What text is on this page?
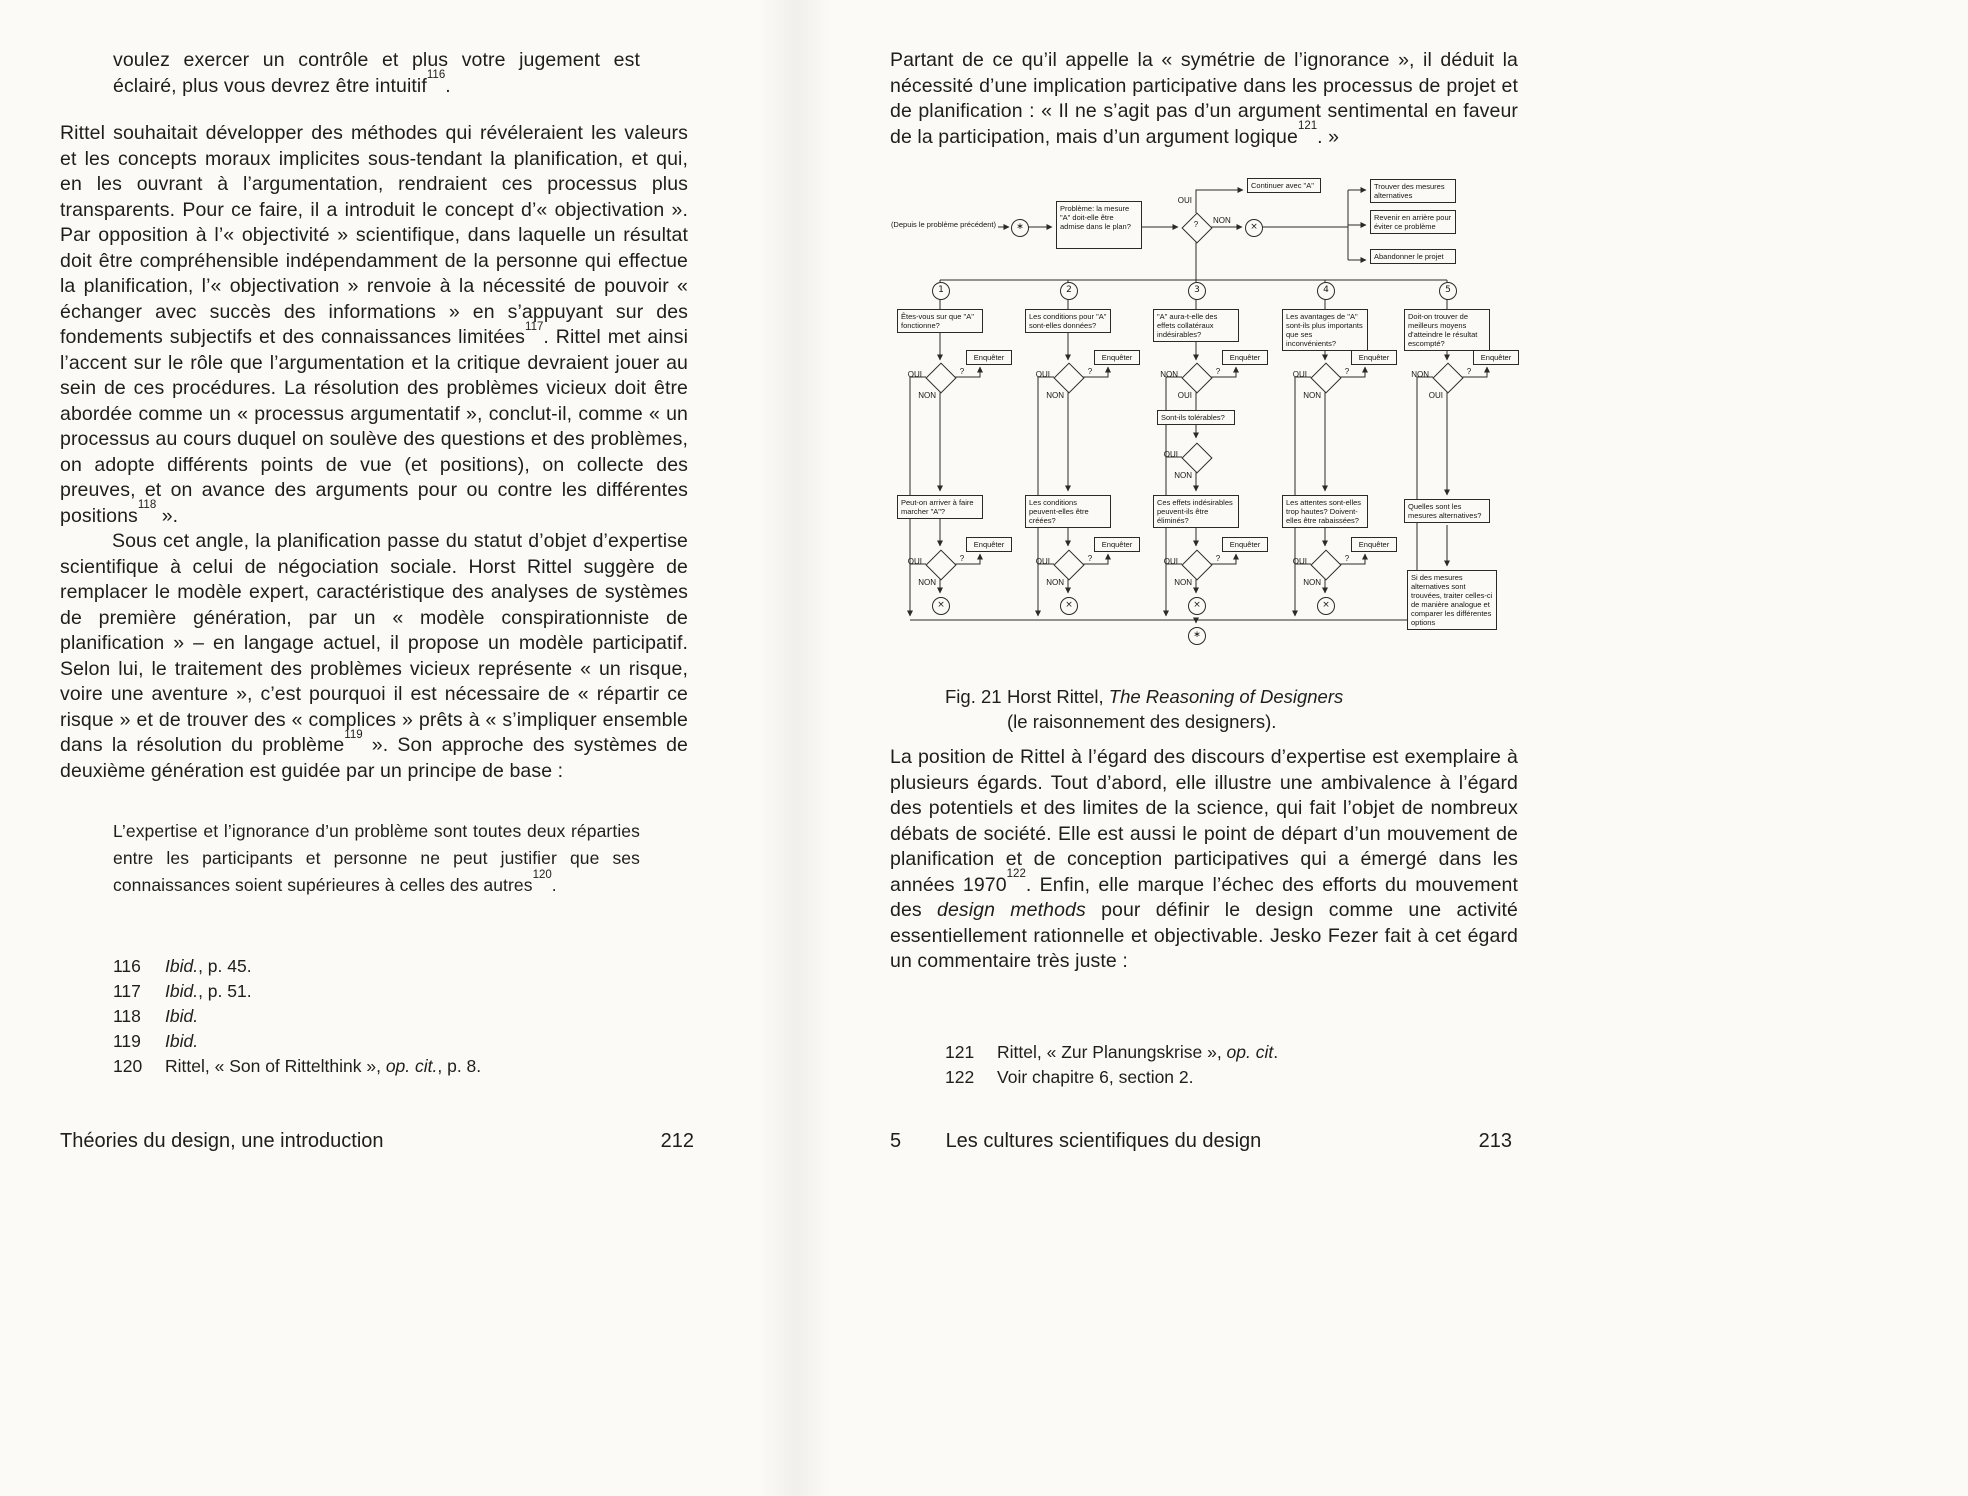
voulez exercer un contrôle et plus votre jugement est éclairé, plus vous devrez être intuitif$^{116}$.

Rittel souhaitait développer des méthodes qui révéleraient les valeurs et les concepts moraux implicites sous-tendant la planification, et qui, en les ouvrant à l’argumentation, rendraient ces processus plus transparents. Pour ce faire, il a introduit le concept d’« objectivation ». Par opposition à l’« objectivité » scientifique, dans laquelle un résultat doit être compréhensible indépendamment de la personne qui effectue la planification, l’« objectivation » renvoie à la nécessité de pouvoir « échanger avec succès des informations » en s’appuyant sur des fondements subjectifs et des connaissances limitées$^{117}$. Rittel met ainsi l’accent sur le rôle que l’argumentation et la critique devraient jouer au sein de ces procédures. La résolution des problèmes vicieux doit être abordée comme un « processus argumentatif », conclut-il, comme « un processus au cours duquel on soulève des questions et des problèmes, on adopte différents points de vue (et positions), on collecte des preuves, et on avance des arguments pour ou contre les différentes positions$^{118}$ ».

Sous cet angle, la planification passe du statut d’objet d’expertise scientifique à celui de négociation sociale. Horst Rittel suggère de remplacer le modèle expert, caractéristique des analyses de systèmes de première génération, par un « modèle conspirationniste de planification » – en langage actuel, il propose un modèle participatif. Selon lui, le traitement des problèmes vicieux représente « un risque, voire une aventure », c’est pourquoi il est nécessaire de « répartir ce risque » et de trouver des « complices » prêts à « s’impliquer ensemble dans la résolution du problème$^{119}$ ». Son approche des systèmes de deuxième génération est guidée par un principe de base :

L’expertise et l’ignorance d’un problème sont toutes deux réparties entre les participants et personne ne peut justifier que ses connaissances soient supérieures à celles des autres$^{120}$.

116	Ibid., p. 45.
117	Ibid., p. 51.
118	Ibid.
119	Ibid.
120	Rittel, « Son of Rittelthink », op. cit., p. 8.
212
Théories du design, une introduction

Partant de ce qu’il appelle la « symétrie de l’ignorance », il déduit la nécessité d’une implication participative dans les processus de projet et de planification : « Il ne s’agit pas d’un argument sentimental en faveur de la participation, mais d’un argument logique$^{121}$. »

Problème: la mesure "A" doit-elle être admise dans le plan?
Continuer avec "A"	Trouver des mesures alternatives
Revenir en arrière pour éviter ce problème
Abandonner le projet
Êtes-vous sur que "A" fonctionne?
Les conditions pour "A" sont-elles données?
"A" aura-t-elle des effets collatéraux indésirables?
Les avantages de "A" sont-ils plus importants que ses inconvénients?
Doit-on trouver de meilleurs moyens d'atteindre le résultat escompté?
Enquêter	Enquêter	Enquêter	Enquêter	Enquêter
Sont-ils tolérables?
Peut-on arriver à faire marcher "A"?
Les conditions peuvent-elles être créées?
Ces effets indésirables peuvent-ils être éliminés?
Les attentes sont-elles trop hautes? Doivent-elles être rabaissées?
Quelles sont les mesures alternatives?
Enquêter	Enquêter	Enquêter	Enquêter
Si des mesures alternatives sont trouvées, traiter celles-ci de manière analogue et comparer les différentes options
∗	×
1	2	3	4	5
×	×	×	×
∗
(Depuis le problème précédent)
OUI
NON
?
OUI
NON
?	OUI
NON
?	NON
OUI
?	OUI
NON
?	NON
OUI
?
OUI
NON
OUI
NON
?	OUI
NON
?	OUI
NON
?	OUI
NON
?
Fig. 21 Horst Rittel, The Reasoning of Designers
(le raisonnement des designers).

La position de Rittel à l’égard des discours d’expertise est exemplaire à plusieurs égards. Tout d’abord, elle illustre une ambivalence à l’égard des potentiels et des limites de la science, qui fait l’objet de nombreux débats de société. Elle est aussi le point de départ d’un mouvement de planification et de conception participatives qui a émergé dans les années 1970$^{122}$. Enfin, elle marque l’échec des efforts du mouvement des design methods pour définir le design comme une activité essentiellement rationnelle et objectivable. Jesko Fezer fait à cet égard un commentaire très juste :

121	Rittel, « Zur Planungskrise », op. cit.
122	Voir chapitre 6, section 2.
213
5 Les cultures scientifiques du design
